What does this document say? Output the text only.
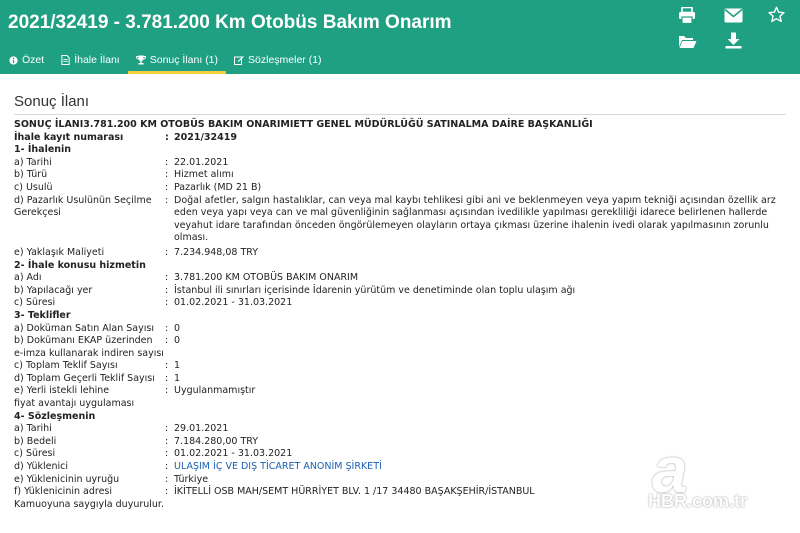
2021/32419 - 3.781.200 Km Otobüs Bakım Onarım
Özet	İhale İlanı	Sonuç İlanı (1)	Sözleşmeler (1)
Sonuç İlanı
SONUÇ İLANI3.781.200 KM OTOBÜS BAKIM ONARIMIETT GENEL MÜDÜRLÜĞÜ SATINALMA DAİRE BAŞKANLIĞI
İhale kayıt numarası	: 2021/32419
1- İhalenin
a) Tarihi	: 22.01.2021
b) Türü	: Hizmet alımı
c) Usulü	: Pazarlık (MD 21 B)
d) Pazarlık Usulünün Seçilme
Gerekçesi
: Doğal afetler, salgın hastalıklar, can veya mal kaybı tehlikesi gibi ani ve beklenmeyen veya yapım tekniği açısından özellik arz eden veya yapı veya can ve mal güvenliğinin sağlanması açısından ivedilikle yapılması gerekliliği idarece belirlenen hallerde veyahut idare tarafından önceden öngörülemeyen olayların ortaya çıkması üzerine ihalenin ivedi olarak yapılmasının zorunlu olması.
e) Yaklaşık Maliyeti	: 7.234.948,08 TRY
2- İhale konusu hizmetin
a) Adı	: 3.781.200 KM OTOBÜS BAKIM ONARIM
b) Yapılacağı yer	: İstanbul ili sınırları içerisinde İdarenin yürütüm ve denetiminde olan toplu ulaşım ağı
c) Süresi	: 01.02.2021 - 31.03.2021
3- Teklifler
a) Doküman Satın Alan Sayısı	: 0
b) Dokümanı EKAP üzerinden
e-imza kullanarak indiren sayısı
: 0
c) Toplam Teklif Sayısı	: 1
d) Toplam Geçerli Teklif Sayısı	: 1
e) Yerli istekli lehine
fiyat avantajı uygulaması
: Uygulanmamıştır
4- Sözleşmenin
a) Tarihi	: 29.01.2021
b) Bedeli	: 7.184.280,00 TRY
c) Süresi	: 01.02.2021 - 31.03.2021
d) Yüklenici	: ULAŞIM İÇ VE DIŞ TİCARET ANONİM ŞİRKETİ
e) Yüklenicinin uyruğu	: Türkiye
f) Yüklenicinin adresi	: İKİTELLİ OSB MAH/SEMT HÜRRİYET BLV. 1 /17 34480 BAŞAKŞEHİR/İSTANBUL
Kamuoyuna saygıyla duyurulur.	a
HBR.com.tr
